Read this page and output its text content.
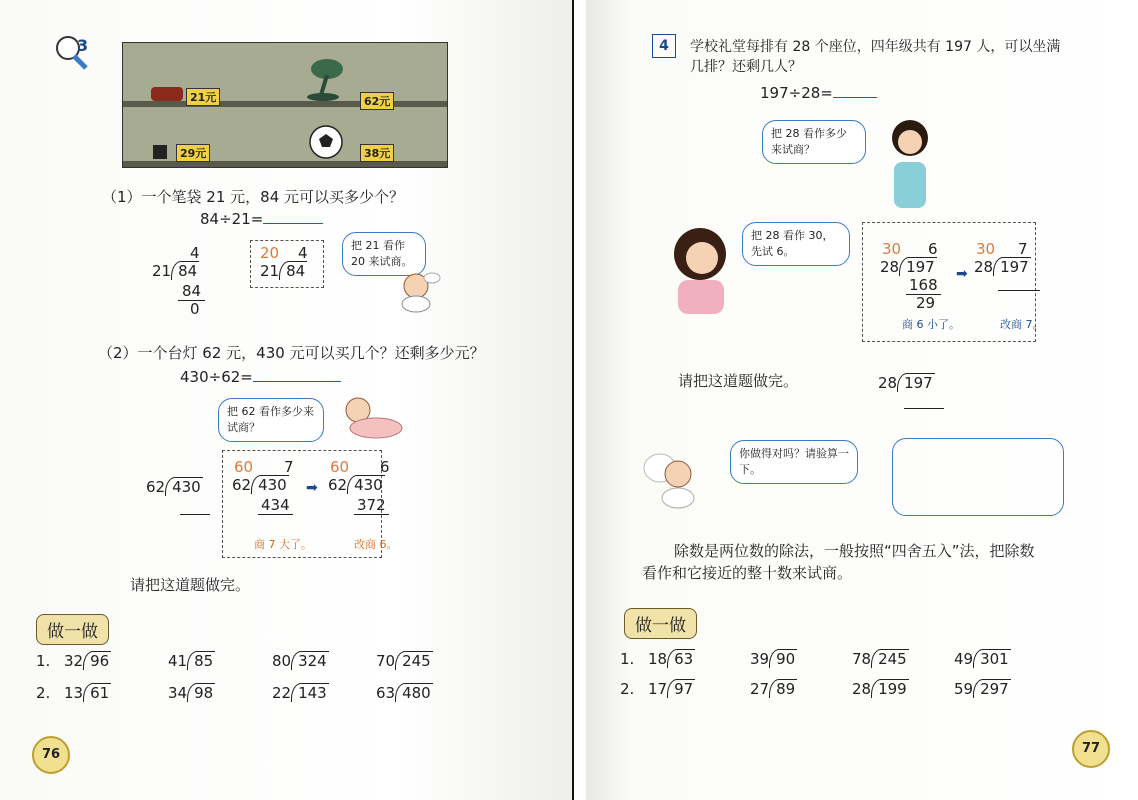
3
21元	62元
29元	38元
（1）一个笔袋 21 元，84 元可以买多少个？
84÷21=
4
21 84
84
0
20 4
21 84
把 21 看作 20 来试商。
（2）一个台灯 62 元，430 元可以买几个？还剩多少元？
430÷62=
把 62 看作多少来试商？
62 430
60 7
62 430
434
商 7 大了。
➡
60 6
62 430
372
改商 6。
请把这道题做完。
做一做
1. 32 96	41 85	80 324	70 245
2. 13 61	34 98	22 143	63 480
76
4	学校礼堂每排有 28 个座位，四年级共有 197 人，可以坐满
几排？还剩几人？
197÷28=
把 28 看作多少来试商？
把 28 看作 30，先试 6。	30 6
28 197
168
29
商 6 小了。
➡
30 7
28 197
改商 7。
请把这道题做完。	28 197
你做得对吗？请验算一下。
除数是两位数的除法，一般按照“四舍五入”法，把除数
看作和它接近的整十数来试商。
做一做
1. 18 63	39 90	78 245	49 301
2. 17 97	27 89	28 199	59 297
77
